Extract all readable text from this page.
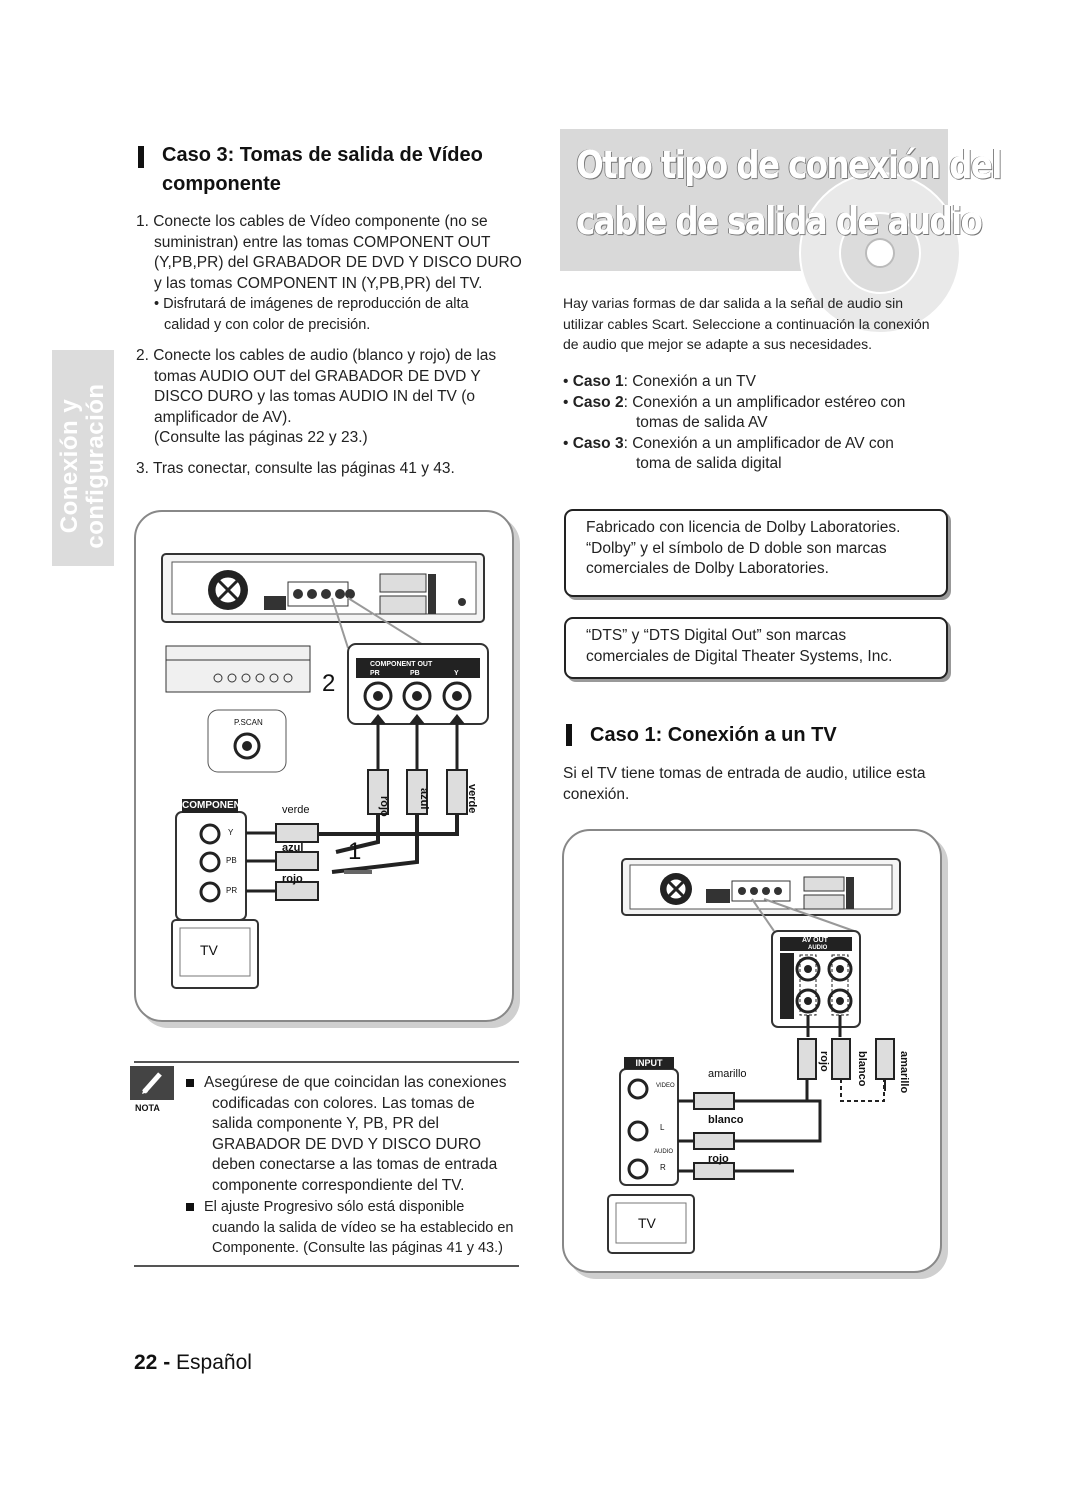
Conexión y configuración
Caso 3: Tomas de salida de Vídeo
componente
1. Conecte los cables de Vídeo componente (no se
suministran) entre las tomas COMPONENT OUT
(Y,PB,PR) del GRABADOR DE DVD Y DISCO DURO
y las tomas COMPONENT IN (Y,PB,PR) del TV.
• Disfrutará de imágenes de reproducción de alta
calidad y con color de precisión.
2. Conecte los cables de audio (blanco y rojo) de las
tomas AUDIO OUT del GRABADOR DE DVD Y
DISCO DURO y las tomas AUDIO IN del TV (o
amplificador de AV).
(Consulte las páginas 22 y 23.)
3. Tras conectar, consulte las páginas 41 y 43.
COMPONENT OUT
PR	PB	Y
P.SCAN
2
1
rojo	azul	verde
COMPONENT
Y
PB
PR
verde
azul
rojo
TV
NOTA
Asegúrese de que coincidan las conexiones
codificadas con colores. Las tomas de
salida componente Y, PB, PR del
GRABADOR DE DVD Y DISCO DURO
deben conectarse a las tomas de entrada
componente correspondiente del TV.
El ajuste Progresivo sólo está disponible
cuando la salida de vídeo se ha establecido en
Componente. (Consulte las páginas 41 y 43.)
22 - Español
Otro tipo de conexión del
cable de salida de audio
Hay varias formas de dar salida a la señal de audio sin
utilizar cables Scart. Seleccione a continuación la conexión
de audio que mejor se adapte a sus necesidades.
• Caso 1: Conexión a un TV
• Caso 2: Conexión a un amplificador estéreo con
tomas de salida AV
• Caso 3: Conexión a un amplificador de AV con
toma de salida digital
Fabricado con licencia de Dolby Laboratories.
“Dolby” y el símbolo de D doble son marcas
comerciales de Dolby Laboratories.
“DTS” y “DTS Digital Out” son marcas
comerciales de Digital Theater Systems, Inc.
Caso 1: Conexión a un TV
Si el TV tiene tomas de entrada de audio, utilice esta
conexión.
AV OUT
AUDIO
INPUT
VIDEO
AUDIO
L
R
amarillo
blanco
rojo
rojo blanco	amarillo
TV
